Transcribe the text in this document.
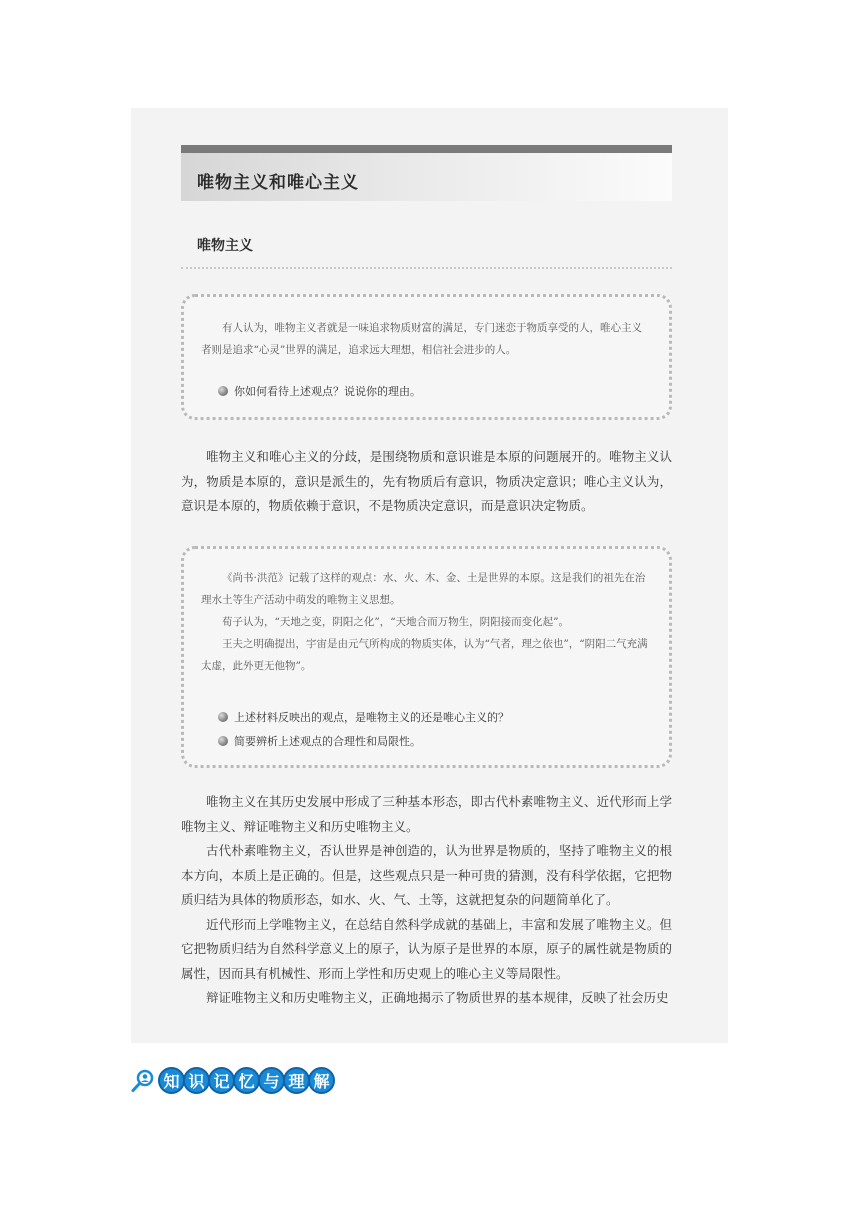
唯物主义和唯心主义
唯物主义
有人认为，唯物主义者就是一味追求物质财富的满足，专门迷恋于物质享受的人，唯心主义者则是追求“心灵”世界的满足，追求远大理想，相信社会进步的人。
你如何看待上述观点？说说你的理由。

唯物主义和唯心主义的分歧，是围绕物质和意识谁是本原的问题展开的。唯物主义认为，物质是本原的，意识是派生的，先有物质后有意识，物质决定意识；唯心主义认为，意识是本原的，物质依赖于意识，不是物质决定意识，而是意识决定物质。

《尚书·洪范》记载了这样的观点：水、火、木、金、土是世界的本原。这是我们的祖先在治理水土等生产活动中萌发的唯物主义思想。
荀子认为，“天地之变，阴阳之化”，“天地合而万物生，阴阳接而变化起”。
王夫之明确提出，宇宙是由元气所构成的物质实体，认为“气者，理之依也”，“阴阳二气充满太虚，此外更无他物”。
上述材料反映出的观点，是唯物主义的还是唯心主义的？
简要辨析上述观点的合理性和局限性。

唯物主义在其历史发展中形成了三种基本形态，即古代朴素唯物主义、近代形而上学唯物主义、辩证唯物主义和历史唯物主义。

古代朴素唯物主义，否认世界是神创造的，认为世界是物质的，坚持了唯物主义的根本方向，本质上是正确的。但是，这些观点只是一种可贵的猜测，没有科学依据，它把物质归结为具体的物质形态，如水、火、气、土等，这就把复杂的问题简单化了。

近代形而上学唯物主义，在总结自然科学成就的基础上，丰富和发展了唯物主义。但它把物质归结为自然科学意义上的原子，认为原子是世界的本原，原子的属性就是物质的属性，因而具有机械性、形而上学性和历史观上的唯心主义等局限性。

辩证唯物主义和历史唯物主义，正确地揭示了物质世界的基本规律，反映了社会历史

知 识 记 忆 与 理 解
